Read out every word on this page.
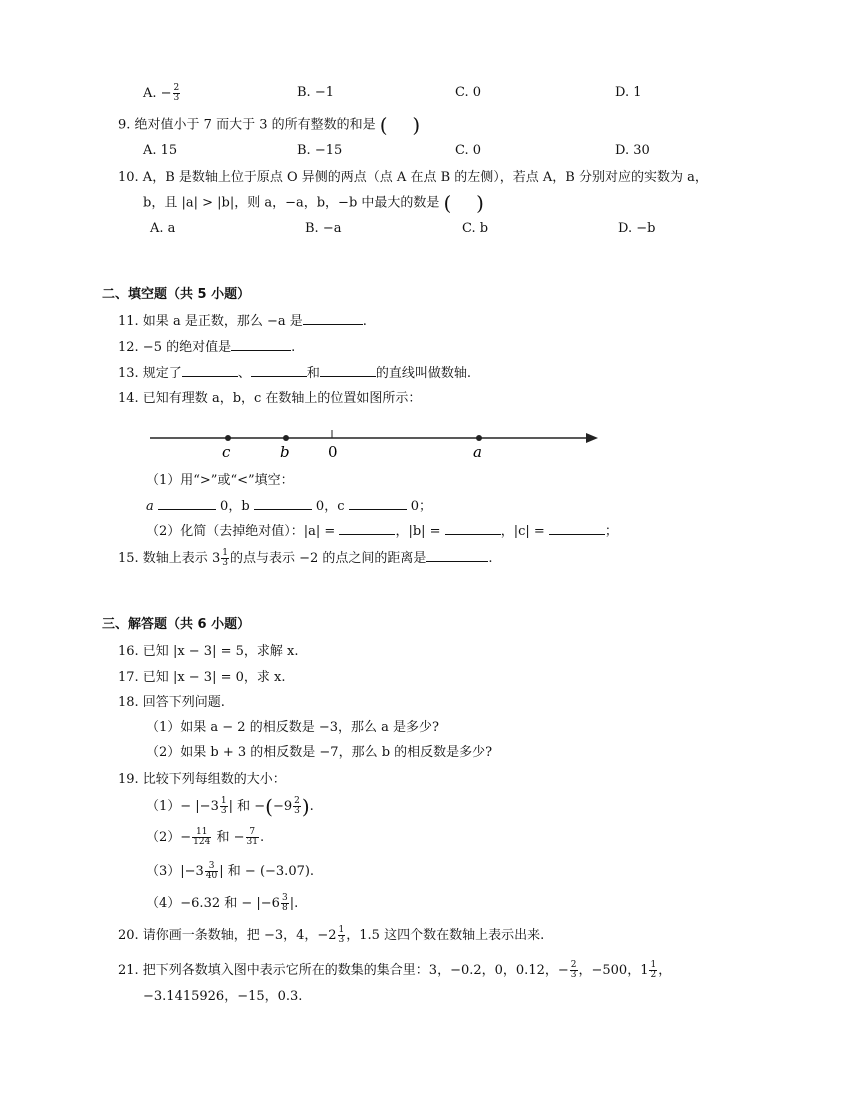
A. − $\frac{2}{3}$	B. −1	C. 0	D. 1
9. 绝对值小于 7 而大于 3 的所有整数的和是 ( )
A. 15	B. −15	C. 0	D. 30
10. A，B 是数轴上位于原点 O 异侧的两点（点 A 在点 B 的左侧），若点 A，B 分别对应的实数为 a，
b，且 |a| > |b|，则 a，−a，b，−b 中最大的数是 ( )
A. a	B. −a	C. b	D. −b
二、填空题（共 5 小题）
11. 如果 a 是正数，那么 −a 是	.
12. −5 的绝对值是	.
13. 规定了	、	和	的直线叫做数轴.
14. 已知有理数 a，b，c 在数轴上的位置如图所示：
c	b	0	a
（1）用“>”或“<”填空：
a	0，b	0，c	0；
（2）化简（去掉绝对值）：|a| =	，|b| =	，|c| =	；
15. 数轴上表示 $3 \frac{1}{3}$ 的点与表示 −2 的点之间的距离是	.
三、解答题（共 6 小题）
16. 已知 |x − 3| = 5，求解 x.
17. 已知 |x − 3| = 0，求 x.
18. 回答下列问题.
（1）如果 a − 2 的相反数是 −3，那么 a 是多少?
（2）如果 b + 3 的相反数是 −7，那么 b 的相反数是多少?
19. 比较下列每组数的大小：
$(1)- |-3 \frac{1}{3}$ | 和 $-(-9 \frac{2}{3}$ ).
$(2)- \frac{11}{124}$ 和 − $\frac{7}{31}$ .
$(3)|-3 \frac{3}{40}$ | 和 − (−3.07).
（4）−6.32 和 − $|-6 \frac{3}{8}$ |.
20. 请你画一条数轴，把 −3，4，$-2 \frac{1}{3}$ ，1.5 这四个数在数轴上表示出来.
21. 把下列各数填入图中表示它所在的数集的集合里：3，−0.2，0，0.12，− $\frac{2}{3}$ ，−500，$1 \frac{1}{2}$ ，
−3.1415926，−15，0.3.
